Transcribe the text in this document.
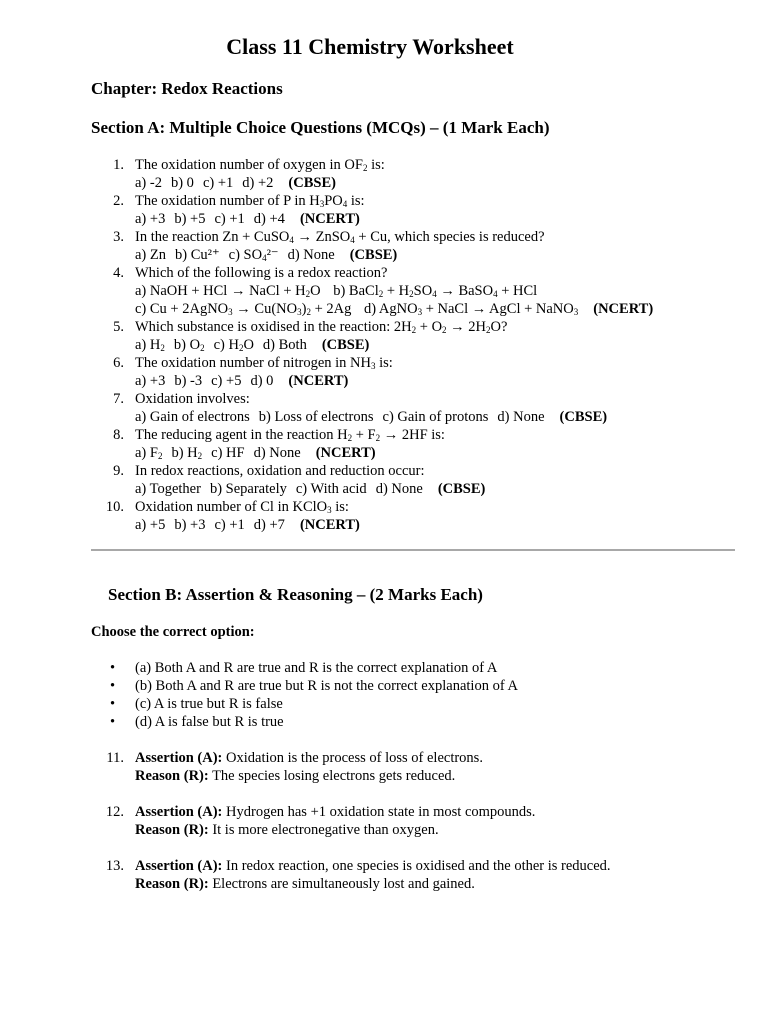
Class 11 Chemistry Worksheet

Chapter: Redox Reactions

Section A: Multiple Choice Questions (MCQs) – (1 Mark Each)

1. The oxidation number of oxygen in $OF_2$ is:
a) -2 b) 0 c) +1 d) +2 (CBSE)
2. The oxidation number of P in $H_3PO_4$ is:
a) +3 b) +5 c) +1 d) +4 (NCERT)
3. In the reaction Zn + CuSO$_4$ → ZnSO$_4$ + Cu, which species is reduced?
a) Zn b) Cu²⁺ c) $SO_4^{2-}$ d) None (CBSE)
4. Which of the following is a redox reaction?
a) NaOH + HCl → NaCl + $H_2O$ b) BaCl$_2$ + $H_2SO_4$ → BaSO$_4$ + HCl
c) Cu + 2AgNO$_3$ → $Cu(NO_3)_2 + 2Ag$ d) AgNO$_3$ + NaCl → AgCl + NaNO$_3$ (NCERT)
5. Which substance is oxidised in the reaction: $2H_2 + O_2 \to 2H_2O$?
a) $H_2$ b) $O_2$ c) $H_2O$ d) Both (CBSE)
6. The oxidation number of nitrogen in $NH_3$ is:
a) +3 b) -3 c) +5 d) 0 (NCERT)
7. Oxidation involves:
a) Gain of electrons b) Loss of electrons c) Gain of protons d) None (CBSE)
8. The reducing agent in the reaction $H_2 + F_2 \to 2HF$ is:
a) $F_2$ b) $H_2$ c) HF d) None (NCERT)
9. In redox reactions, oxidation and reduction occur:
a) Together b) Separately c) With acid d) None (CBSE)
10. Oxidation number of Cl in KClO$_3$ is:
a) +5 b) +3 c) +1 d) +7 (NCERT)

Section B: Assertion & Reasoning – (2 Marks Each)

Choose the correct option:

• (a) Both A and R are true and R is the correct explanation of A
• (b) Both A and R are true but R is not the correct explanation of A
• (c) A is true but R is false
• (d) A is false but R is true
11. Assertion (A): Oxidation is the process of loss of electrons.
Reason (R): The species losing electrons gets reduced.
12. Assertion (A): Hydrogen has +1 oxidation state in most compounds.
Reason (R): It is more electronegative than oxygen.
13. Assertion (A): In redox reaction, one species is oxidised and the other is reduced.
Reason (R): Electrons are simultaneously lost and gained.
